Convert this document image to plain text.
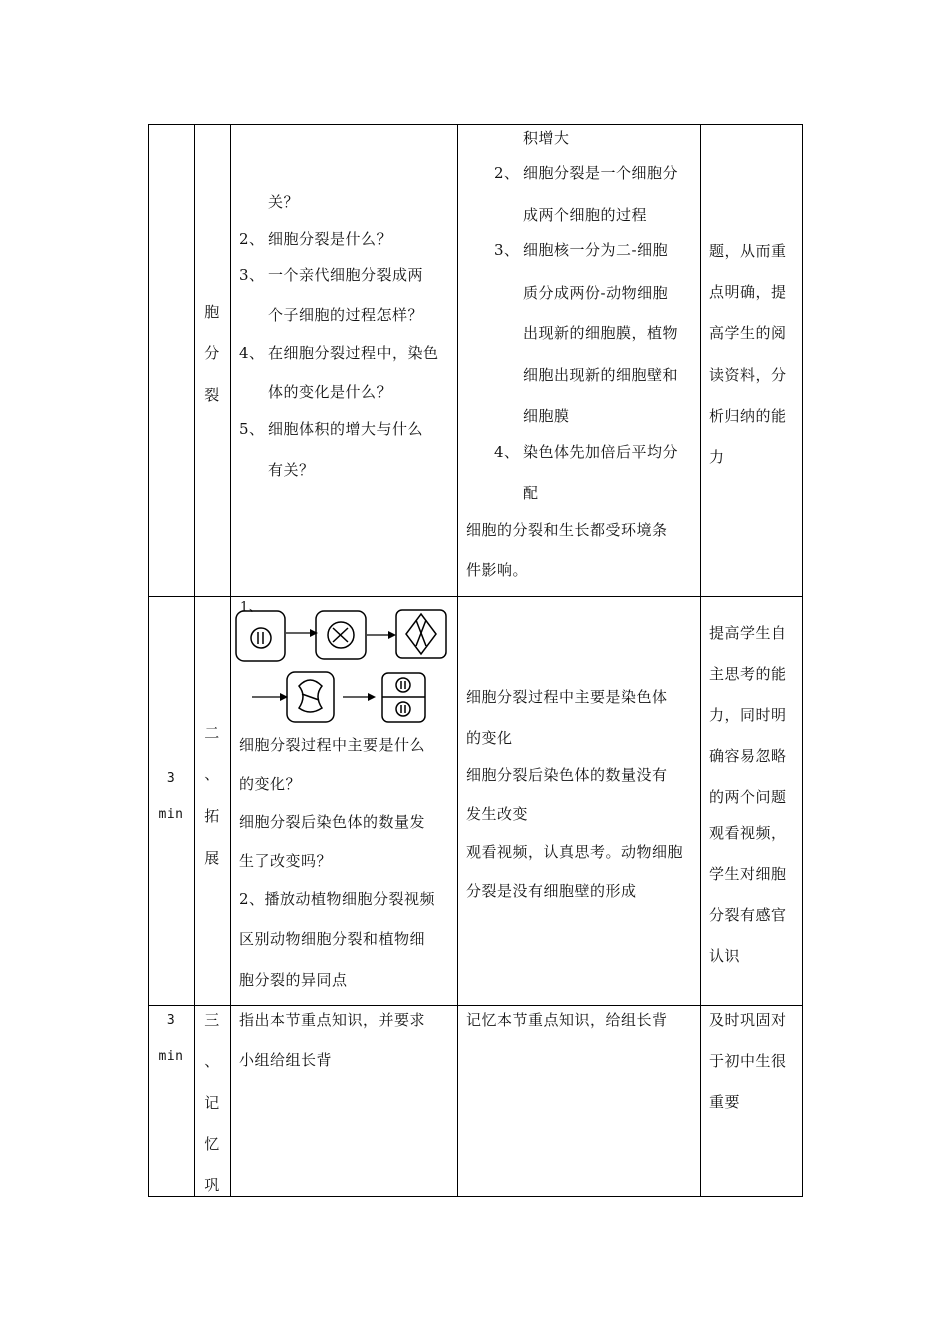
胞
分
裂
关？
2、 细胞分裂是什么？
3、 一个亲代细胞分裂成两
个子细胞的过程怎样？
4、 在细胞分裂过程中，染色
体的变化是什么？
5、 细胞体积的增大与什么
有关？
积增大
2、 细胞分裂是一个细胞分
成两个细胞的过程
3、 细胞核一分为二-细胞
质分成两份-动物细胞
出现新的细胞膜，植物
细胞出现新的细胞壁和
细胞膜
4、 染色体先加倍后平均分
配
细胞的分裂和生长都受环境条
件影响。
题，从而重
点明确，提
高学生的阅
读资料，分
析归纳的能
力
3
min
二
、
拓
展
1、
细胞分裂过程中主要是什么
的变化？
细胞分裂后染色体的数量发
生了改变吗？
2、播放动植物细胞分裂视频
区别动物细胞分裂和植物细
胞分裂的异同点
细胞分裂过程中主要是染色体
的变化
细胞分裂后染色体的数量没有
发生改变
观看视频，认真思考。动物细胞
分裂是没有细胞壁的形成
提高学生自
主思考的能
力，同时明
确容易忽略
的两个问题
观看视频，
学生对细胞
分裂有感官
认识
3
min
三
、
记
忆
巩
指出本节重点知识，并要求
小组给组长背
记忆本节重点知识，给组长背	及时巩固对
于初中生很
重要
